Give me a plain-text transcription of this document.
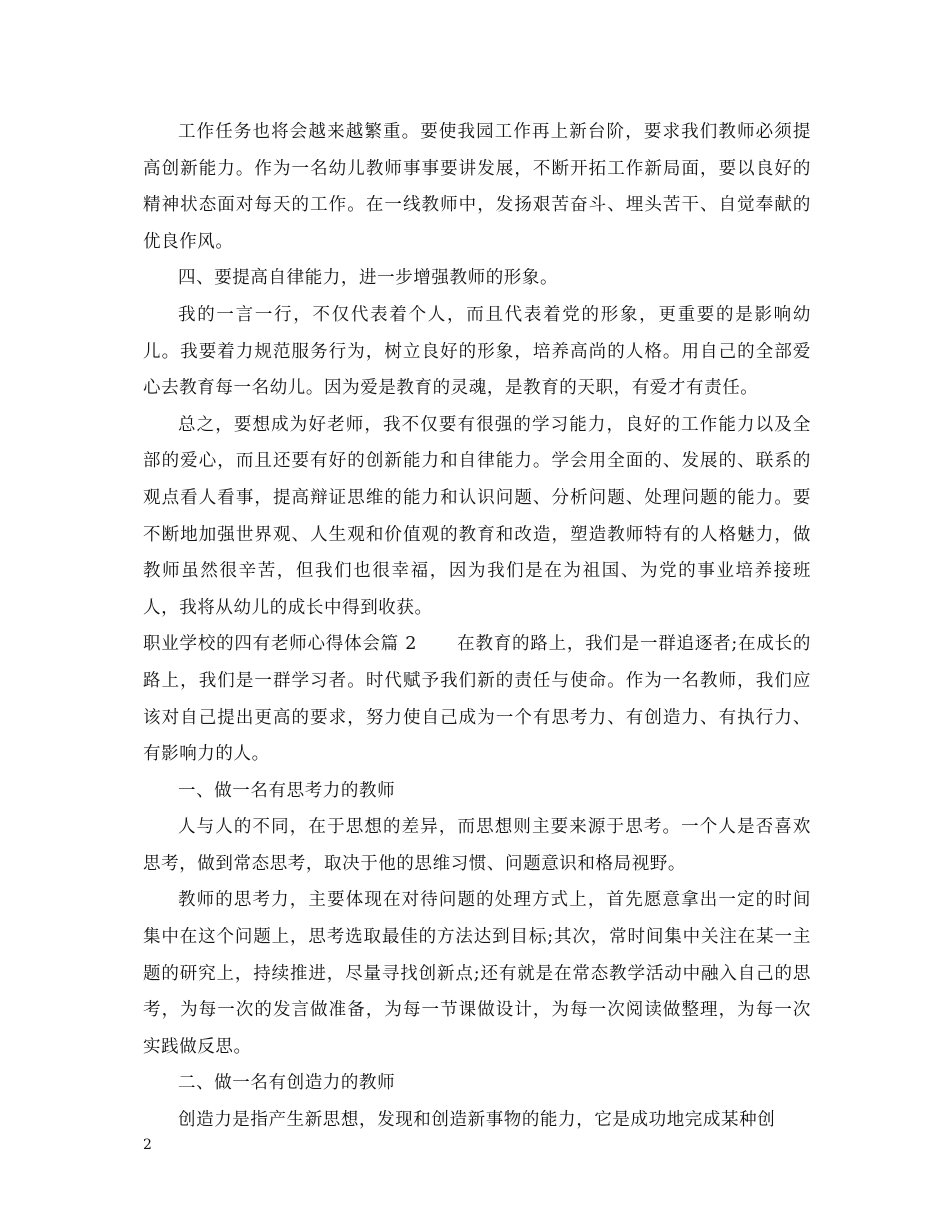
工作任务也将会越来越繁重。要使我园工作再上新台阶，要求我们教师必须提高创新能力。作为一名幼儿教师事事要讲发展，不断开拓工作新局面，要以良好的精神状态面对每天的工作。在一线教师中，发扬艰苦奋斗、埋头苦干、自觉奉献的优良作风。

四、要提高自律能力，进一步增强教师的形象。

我的一言一行，不仅代表着个人，而且代表着党的形象，更重要的是影响幼儿。我要着力规范服务行为，树立良好的形象，培养高尚的人格。用自己的全部爱心去教育每一名幼儿。因为爱是教育的灵魂，是教育的天职，有爱才有责任。

总之，要想成为好老师，我不仅要有很强的学习能力，良好的工作能力以及全部的爱心，而且还要有好的创新能力和自律能力。学会用全面的、发展的、联系的观点看人看事，提高辩证思维的能力和认识问题、分析问题、处理问题的能力。要不断地加强世界观、人生观和价值观的教育和改造，塑造教师特有的人格魅力，做教师虽然很辛苦，但我们也很幸福，因为我们是在为祖国、为党的事业培养接班人，我将从幼儿的成长中得到收获。

职业学校的四有老师心得体会篇 2 在教育的路上，我们是一群追逐者;在成长的路上，我们是一群学习者。时代赋予我们新的责任与使命。作为一名教师，我们应该对自己提出更高的要求，努力使自己成为一个有思考力、有创造力、有执行力、有影响力的人。

一、做一名有思考力的教师

人与人的不同，在于思想的差异，而思想则主要来源于思考。一个人是否喜欢思考，做到常态思考，取决于他的思维习惯、问题意识和格局视野。

教师的思考力，主要体现在对待问题的处理方式上，首先愿意拿出一定的时间集中在这个问题上，思考选取最佳的方法达到目标;其次，常时间集中关注在某一主题的研究上，持续推进，尽量寻找创新点;还有就是在常态教学活动中融入自己的思考，为每一次的发言做准备，为每一节课做设计，为每一次阅读做整理，为每一次实践做反思。

二、做一名有创造力的教师

创造力是指产生新思想，发现和创造新事物的能力，它是成功地完成某种创

2
